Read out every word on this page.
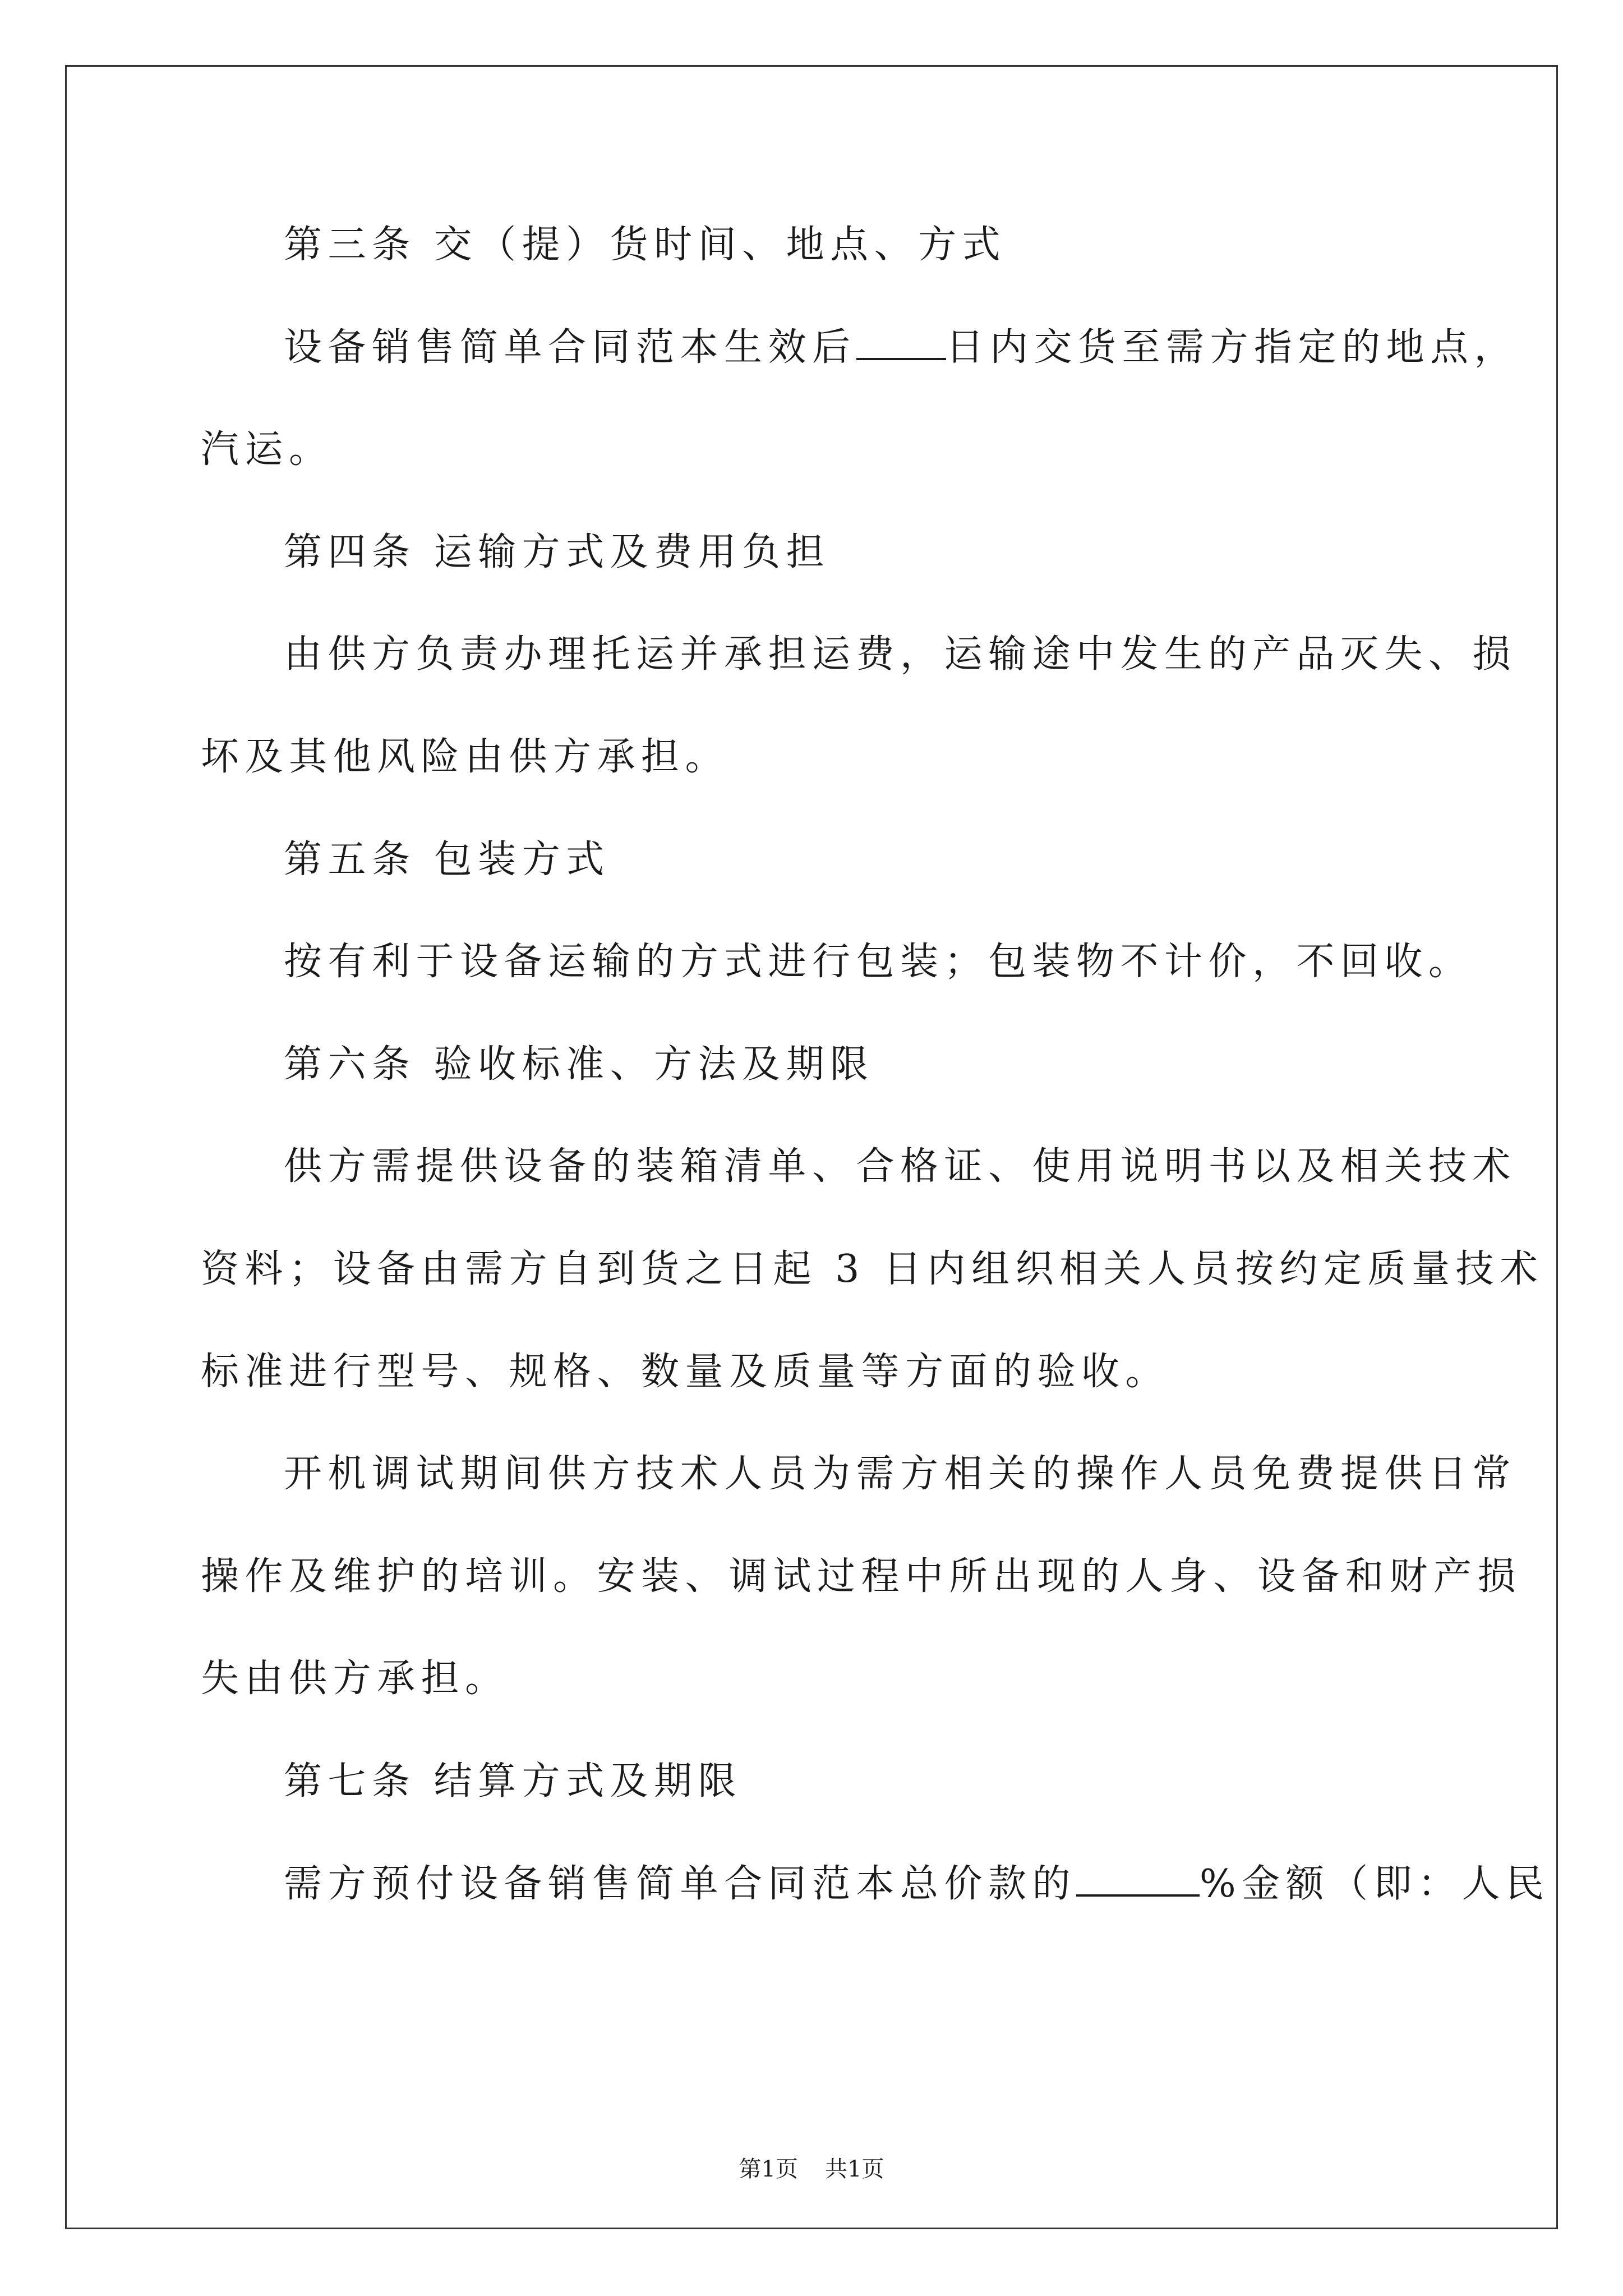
第三条 交（提）货时间、地点、方式
设备销售简单合同范本生效后 日内交货至需方指定的地点，
汽运。
第四条 运输方式及费用负担
由供方负责办理托运并承担运费，运输途中发生的产品灭失、损
坏及其他风险由供方承担。
第五条 包装方式
按有利于设备运输的方式进行包装；包装物不计价，不回收。
第六条 验收标准、方法及期限
供方需提供设备的装箱清单、合格证、使用说明书以及相关技术
资料；设备由需方自到货之日起 3 日内组织相关人员按约定质量技术
标准进行型号、规格、数量及质量等方面的验收。
开机调试期间供方技术人员为需方相关的操作人员免费提供日常
操作及维护的培训。安装、调试过程中所出现的人身、设备和财产损
失由供方承担。
第七条 结算方式及期限
需方预付设备销售简单合同范本总价款的	%金额（即：人民
第1页 共1页
